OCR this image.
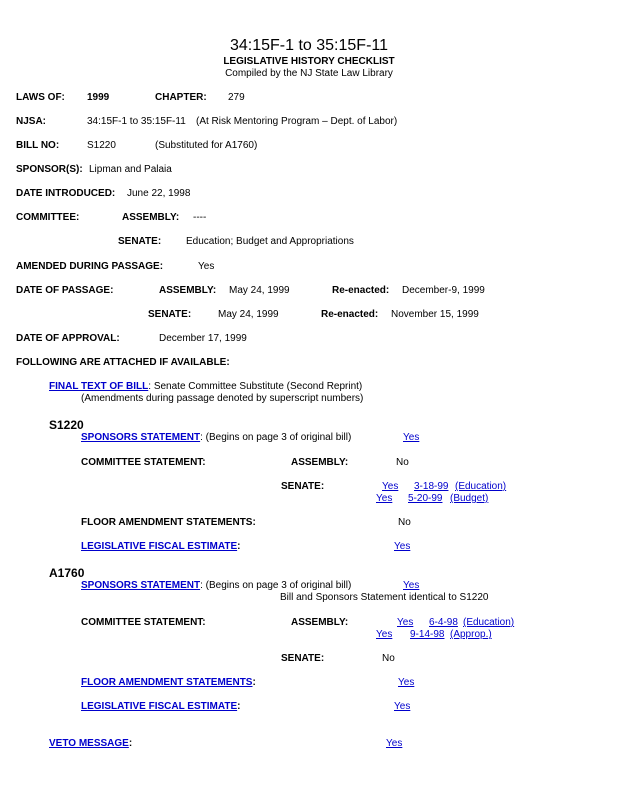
34:15F-1 to 35:15F-11
LEGISLATIVE HISTORY CHECKLIST
Compiled by the NJ State Law Library
LAWS OF: 1999	CHAPTER: 279
NJSA:	34:15F-1 to 35:15F-11 (At Risk Mentoring Program – Dept. of Labor)
BILL NO:	S1220	(Substituted for A1760)
SPONSOR(S): Lipman and Palaia
DATE INTRODUCED: June 22, 1998
COMMITTEE:	ASSEMBLY: ----
SENATE: Education; Budget and Appropriations
AMENDED DURING PASSAGE:	Yes
DATE OF PASSAGE:	ASSEMBLY: May 24, 1999	Re-enacted: December-9, 1999
SENATE:	May 24, 1999	Re-enacted: November 15, 1999
DATE OF APPROVAL:	December 17, 1999
FOLLOWING ARE ATTACHED IF AVAILABLE:
FINAL TEXT OF BILL: Senate Committee Substitute (Second Reprint)
(Amendments during passage denoted by superscript numbers)
S1220
SPONSORS STATEMENT: (Begins on page 3 of original bill)	Yes
COMMITTEE STATEMENT:	ASSEMBLY:	No
SENATE:	Yes 3-18-99 (Education)
Yes 5-20-99 (Budget)
FLOOR AMENDMENT STATEMENTS:	No
LEGISLATIVE FISCAL ESTIMATE:	Yes
A1760
SPONSORS STATEMENT: (Begins on page 3 of original bill)	Yes
Bill and Sponsors Statement identical to S1220
COMMITTEE STATEMENT:	ASSEMBLY:	Yes 6-4-98 (Education)
Yes 9-14-98 (Approp.)
SENATE:	No
FLOOR AMENDMENT STATEMENTS:	Yes
LEGISLATIVE FISCAL ESTIMATE:	Yes
VETO MESSAGE:	Yes
